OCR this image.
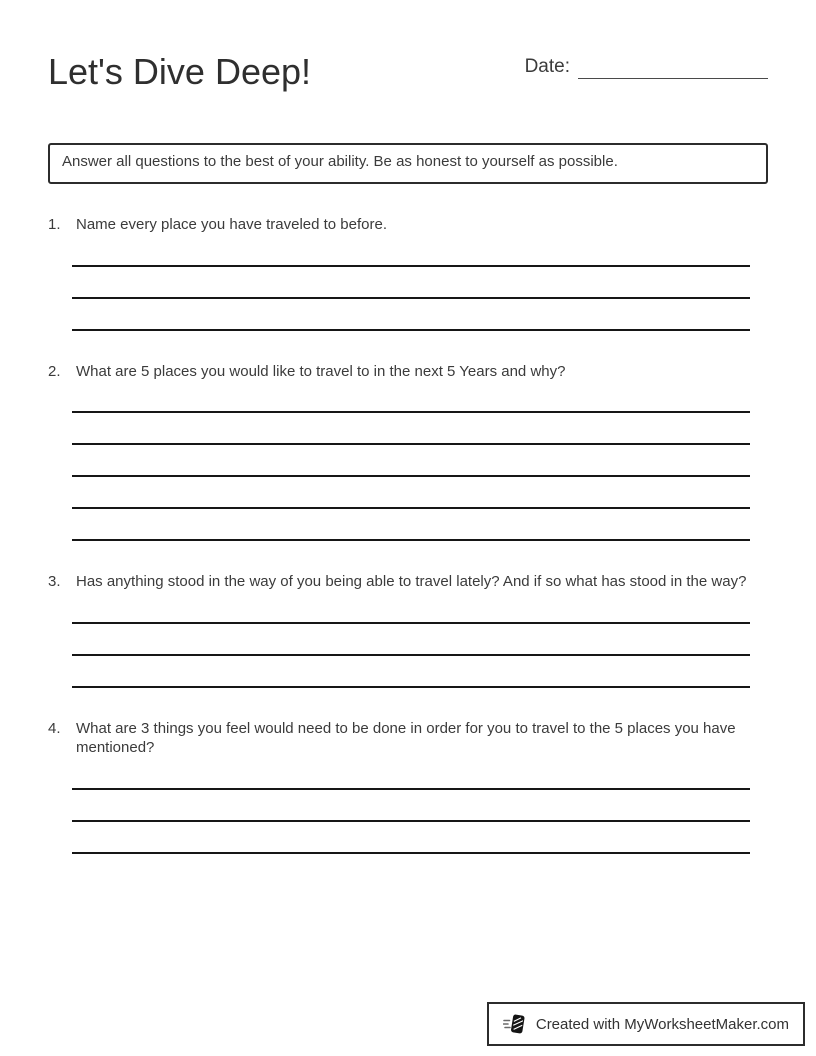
Let's Dive Deep!	Date:
Answer all questions to the best of your ability. Be as honest to yourself as possible.
1.	Name every place you have traveled to before.
2.	What are 5 places you would like to travel to in the next 5 Years and why?
3.	Has anything stood in the way of you being able to travel lately? And if so what has stood in the way?
4.	What are 3 things you feel would need to be done in order for you to travel to the 5 places you have mentioned?
Created with MyWorksheetMaker.com
